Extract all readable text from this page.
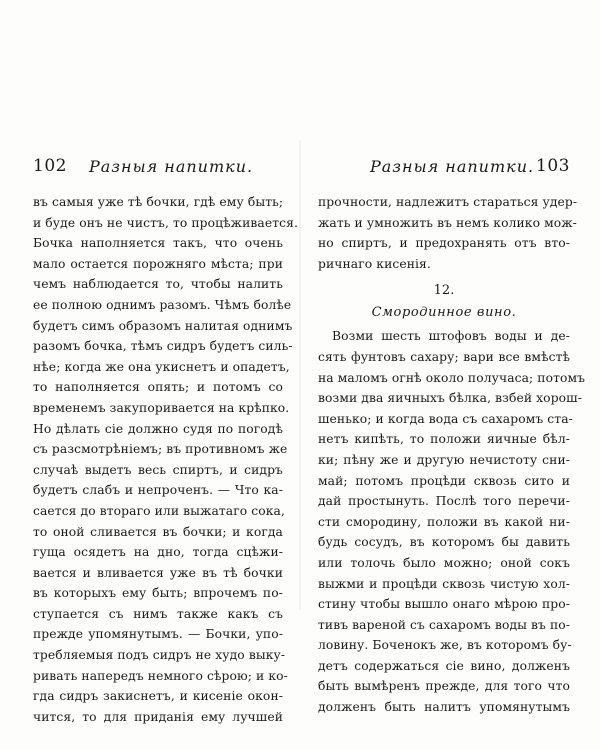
102 Разныя напитки.
въ самыя уже тѣ бочки, гдѣ ему быть;
и буде онъ не чистъ, то процѣживается.
Бочка наполняется такъ, что очень
мало остается порожняго мѣста; при
чемъ наблюдается то, чтобы налить
ее полною однимъ разомъ. Чѣмъ болѣе
будетъ симъ образомъ налитая однимъ
разомъ бочка, тѣмъ сидръ будетъ силь-
нѣе; когда же она укиснетъ и опадетъ,
то наполняется опять; и потомъ со
временемъ закупоривается на крѣпко.
Но дѣлать сіе должно судя по погодѣ
съ разсмотрѣніемъ; въ противномъ же
случаѣ выдетъ весь спиртъ, и сидръ
будетъ слабъ и непроченъ. — Что ка-
сается до втораго или выжатаго сока,
то оной сливается въ бочки; и когда
гуща осядетъ на дно, тогда сцѣжи-
вается и вливается уже въ тѣ бочки
въ которыхъ ему быть; впрочемъ по-
ступается съ нимъ также какъ съ
прежде упомянутымъ. — Бочки, упо-
требляемыя подъ сидръ не худо выку-
ривать напередъ немного сѣрою; и ко-
гда сидръ закиснетъ, и кисеніе окон-
чится, то для приданія ему лучшей
Разныя напитки. 103
прочности, надлежитъ стараться удер-
жать и умножить въ немъ колико мож-
но спиртъ, и предохранять отъ вто-
ричнаго кисенія.
12.
Смородинное вино.
Возми шесть штофовъ воды и де-
сять фунтовъ сахару; вари все вмѣстѣ
на маломъ огнѣ около получаса; потомъ
возми два яичныхъ бѣлка, взбей хорош-
шенько; и когда вода съ сахаромъ ста-
нетъ кипѣть, то положи яичные бѣл-
ки; пѣну же и другую нечистоту сни-
май; потомъ процѣди сквозь сито и
дай простынуть. Послѣ того перечи-
сти смородину, положи въ какой ни-
будь сосудъ, въ которомъ бы давить
или толочь было можно; оной сокъ
выжми и процѣди сквозь чистую хол-
стину чтобы вышло онаго мѣрою про-
тивъ вареной съ сахаромъ воды въ по-
ловину. Боченокъ же, въ которомъ бу-
детъ содержаться сіе вино, долженъ
быть вымѣренъ прежде, для того что
долженъ быть налитъ упомянутымъ
